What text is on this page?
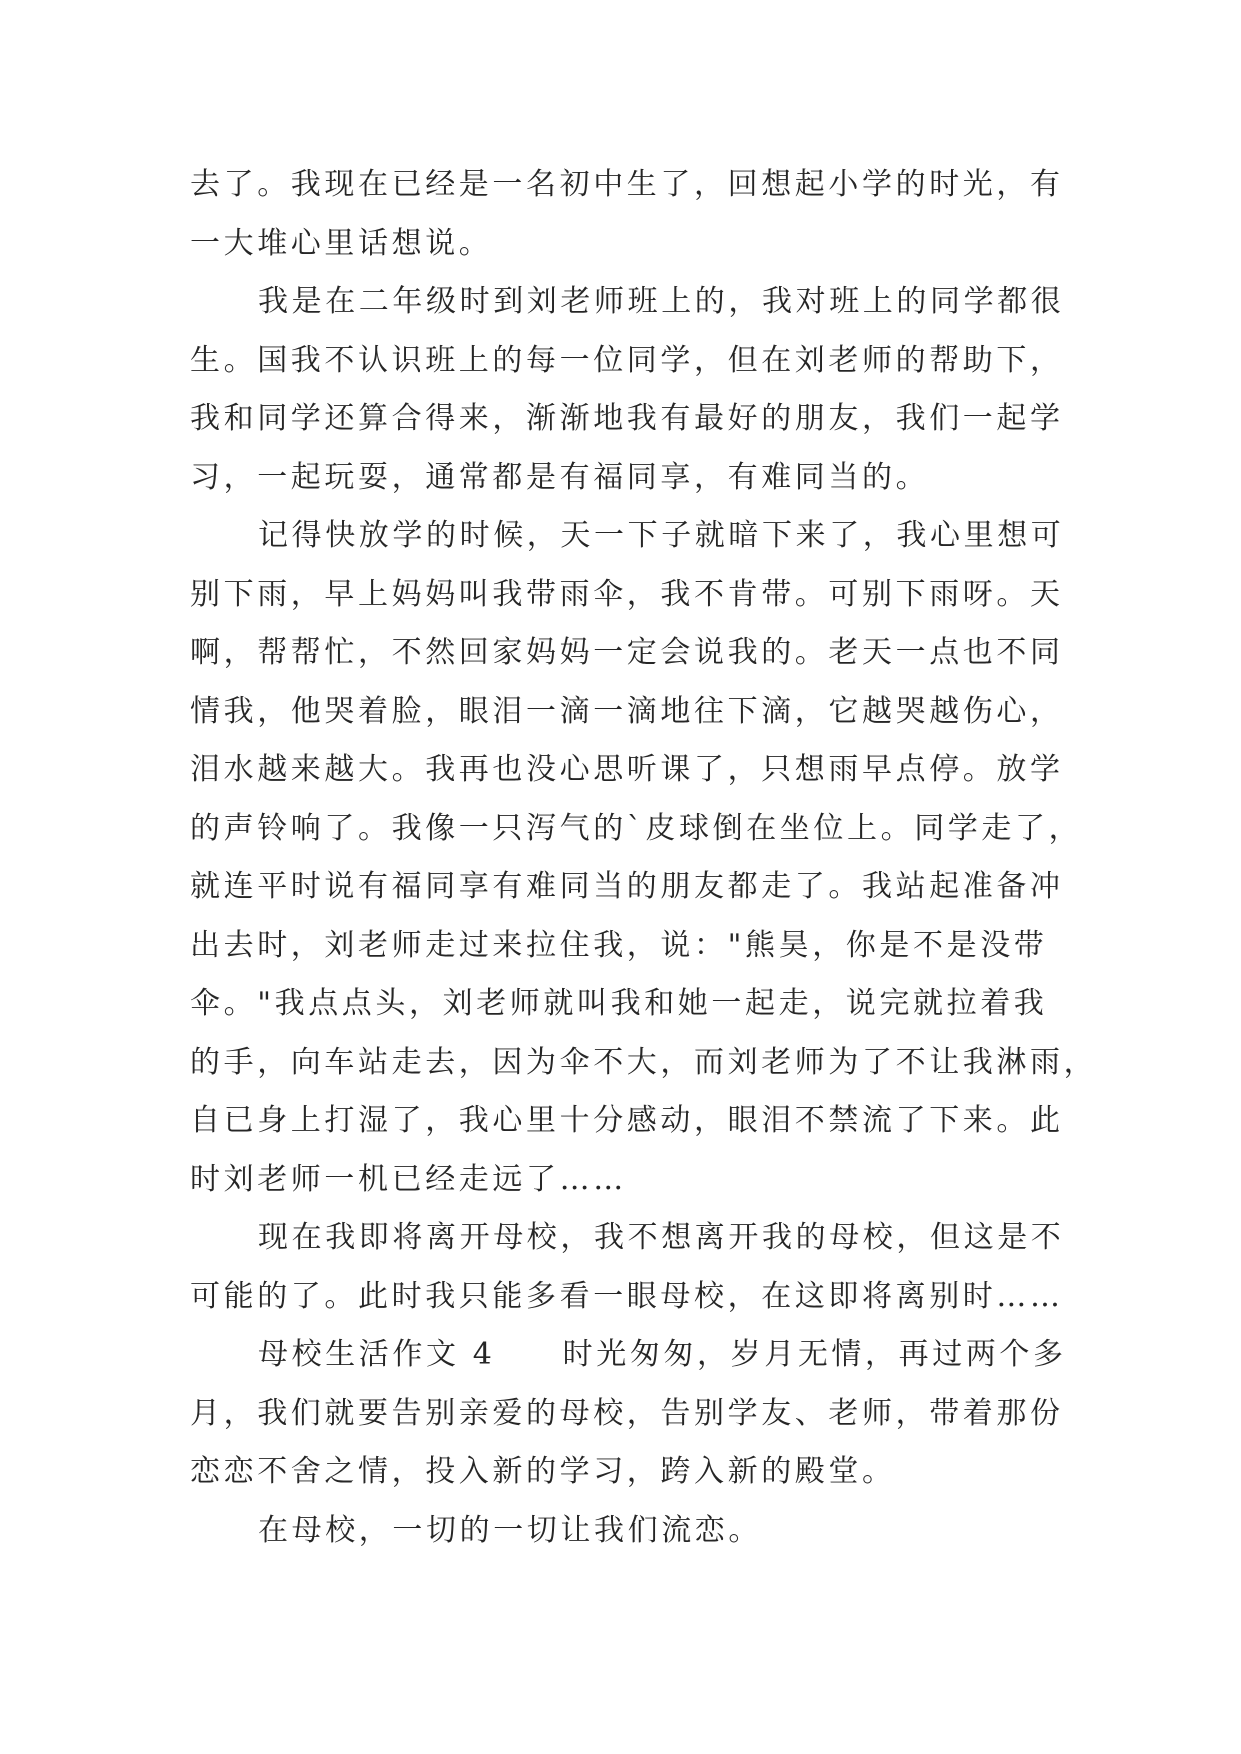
去了。我现在已经是一名初中生了，回想起小学的时光，有
一大堆心里话想说。
我是在二年级时到刘老师班上的，我对班上的同学都很
生。国我不认识班上的每一位同学，但在刘老师的帮助下，
我和同学还算合得来，渐渐地我有最好的朋友，我们一起学
习，一起玩耍，通常都是有福同享，有难同当的。
记得快放学的时候，天一下子就暗下来了，我心里想可
别下雨，早上妈妈叫我带雨伞，我不肯带。可别下雨呀。天
啊，帮帮忙，不然回家妈妈一定会说我的。老天一点也不同
情我，他哭着脸，眼泪一滴一滴地往下滴，它越哭越伤心，
泪水越来越大。我再也没心思听课了，只想雨早点停。放学
的声铃响了。我像一只泻气的`皮球倒在坐位上。同学走了，
就连平时说有福同享有难同当的朋友都走了。我站起准备冲
出去时，刘老师走过来拉住我，说："熊昊，你是不是没带
伞。"我点点头，刘老师就叫我和她一起走，说完就拉着我
的手，向车站走去，因为伞不大，而刘老师为了不让我淋雨，
自已身上打湿了，我心里十分感动，眼泪不禁流了下来。此
时刘老师一机已经走远了……
现在我即将离开母校，我不想离开我的母校，但这是不
可能的了。此时我只能多看一眼母校，在这即将离别时……
母校生活作文 4　　时光匆匆，岁月无情，再过两个多
月，我们就要告别亲爱的母校，告别学友、老师，带着那份
恋恋不舍之情，投入新的学习，跨入新的殿堂。
在母校，一切的一切让我们流恋。
